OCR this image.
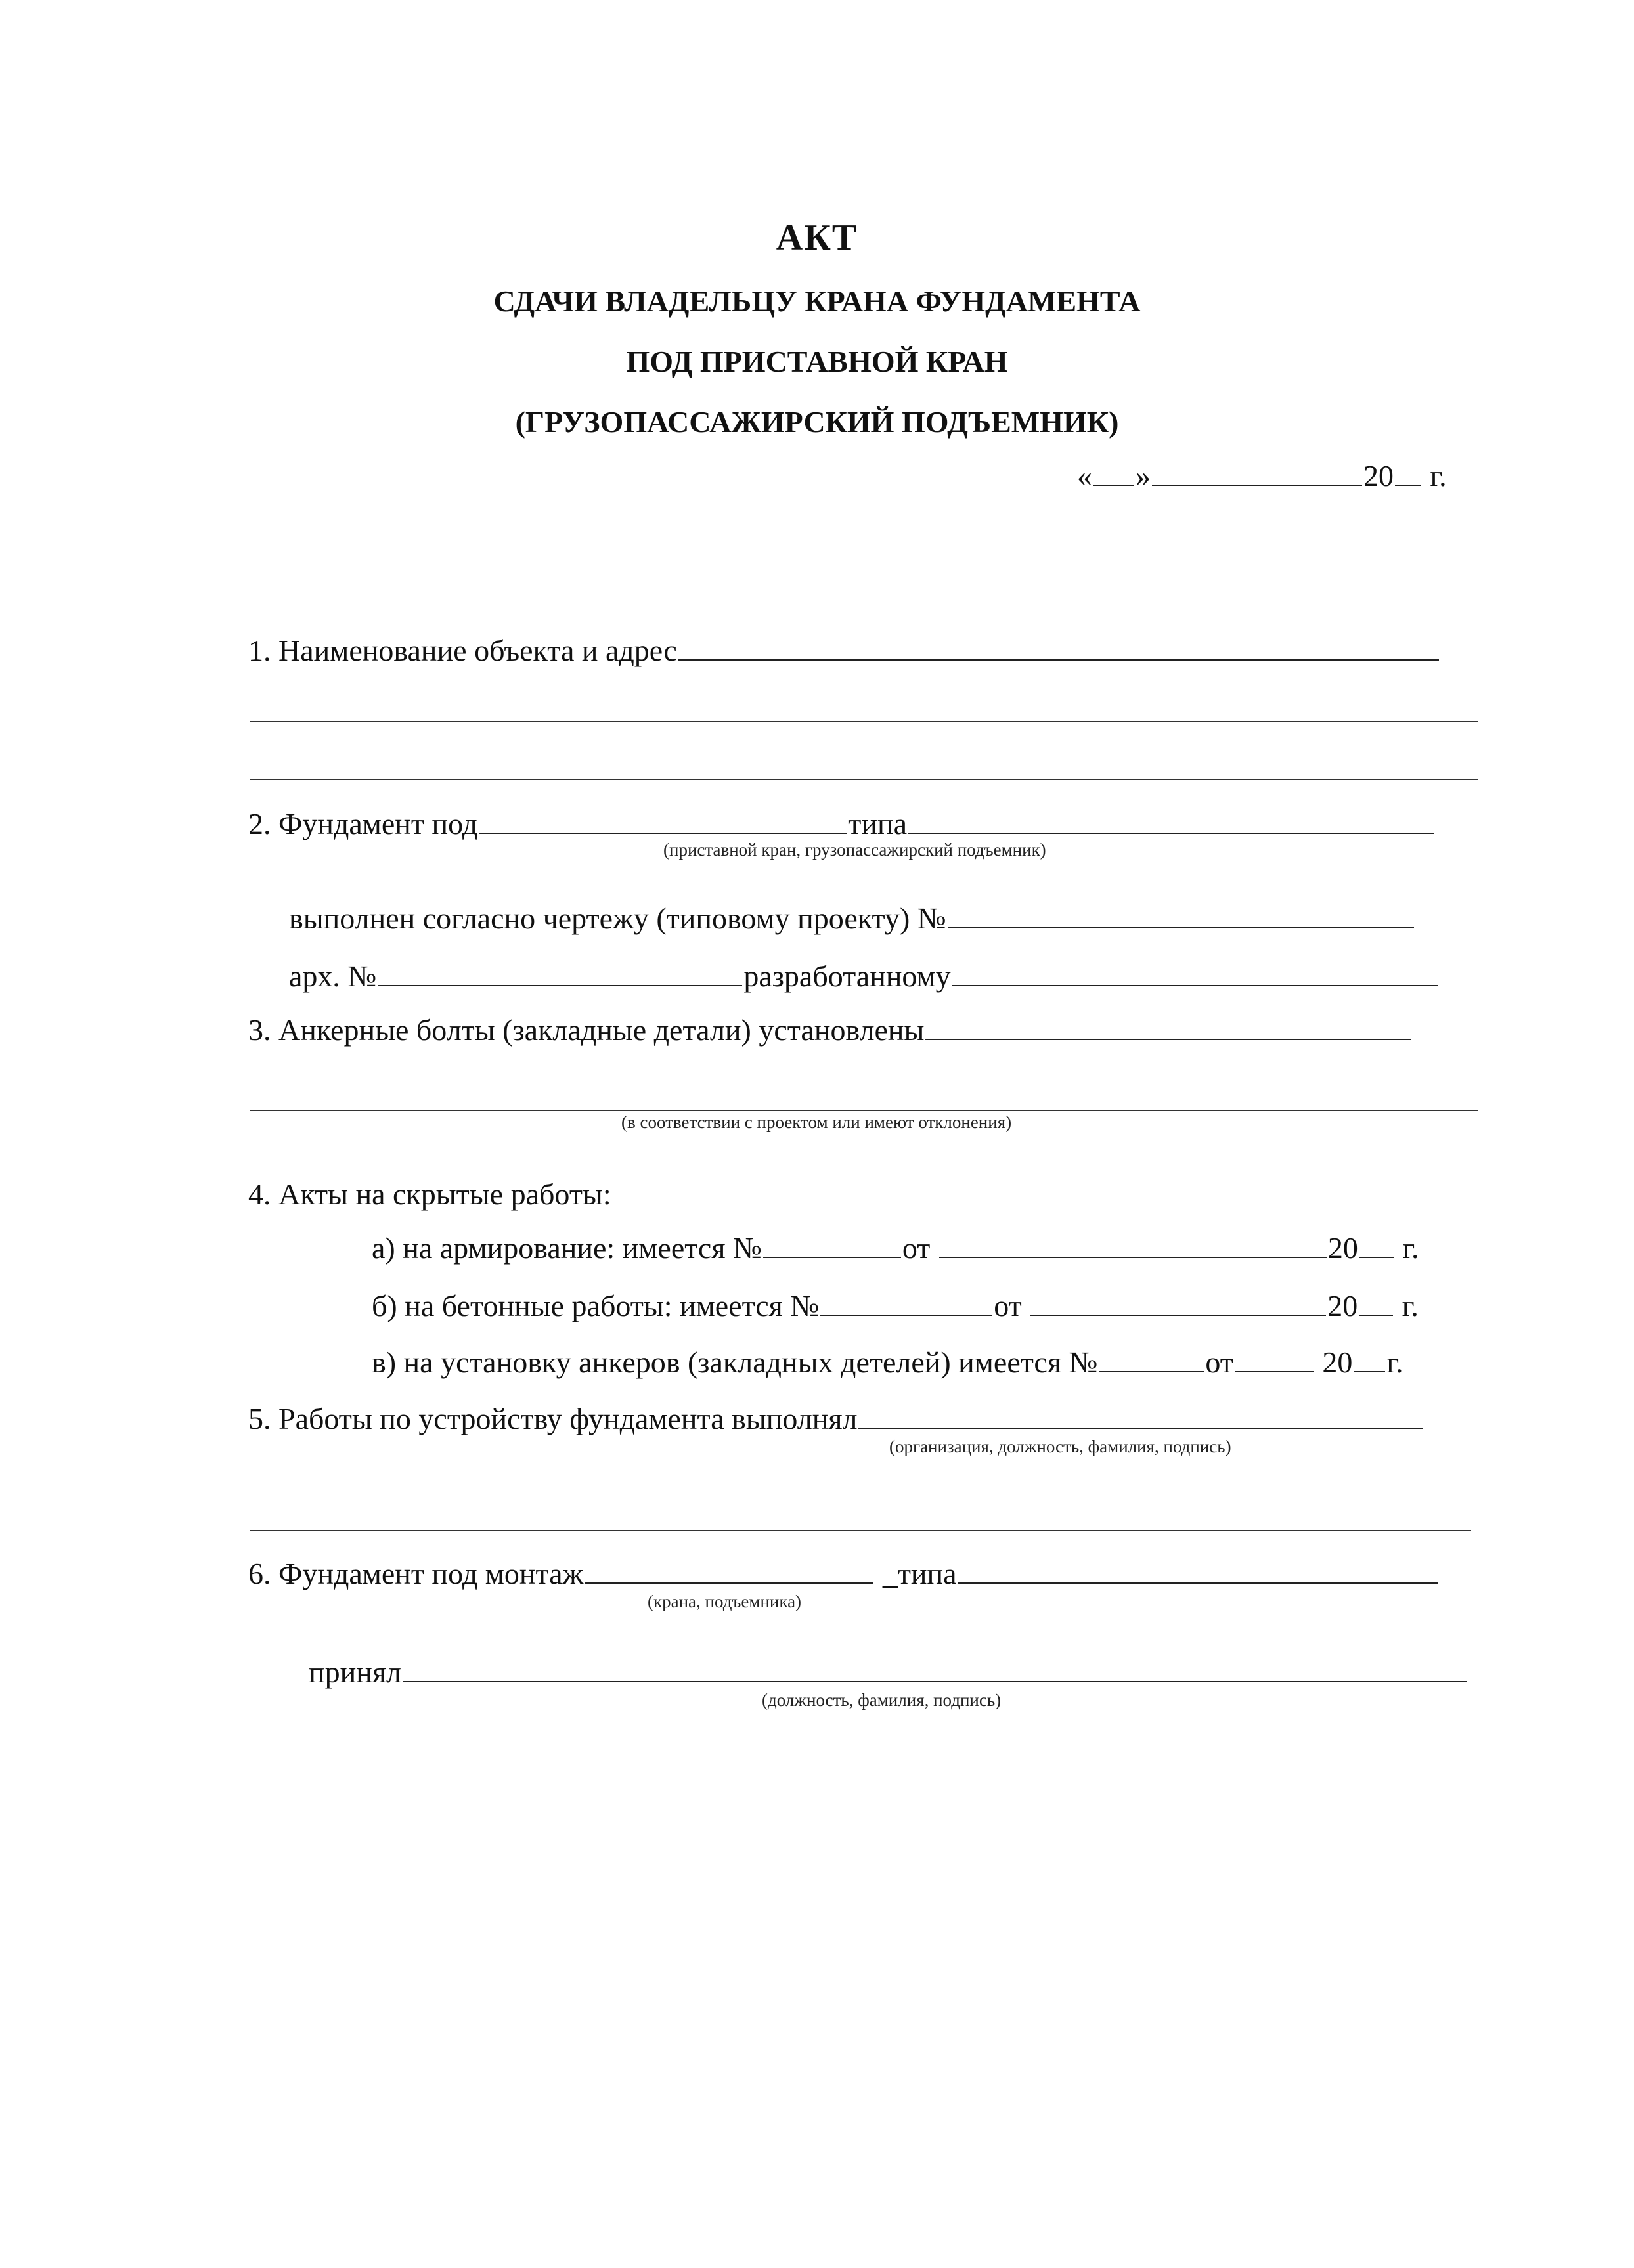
АКТ
СДАЧИ ВЛАДЕЛЬЦУ КРАНА ФУНДАМЕНТА
ПОД ПРИСТАВНОЙ КРАН
(ГРУЗОПАССАЖИРСКИЙ ПОДЪЕМНИК)
« »	20 г.
1. Наименование объекта и адрес
2. Фундамент под	типа
(приставной кран, грузопассажирский подъемник)
выполнен согласно чертежу (типовому проекту) №
арх. №	разработанному
3. Анкерные болты (закладные детали) установлены
(в соответствии с проектом или имеют отклонения)
4. Акты на скрытые работы:
а) на армирование: имеется №	от	20 г.
б) на бетонные работы: имеется №	от	20 г.
в) на установку анкеров (закладных детелей) имеется №	от	20 г.
5. Работы по устройству фундамента выполнял
(организация, должность, фамилия, подпись)
6. Фундамент под монтаж	_типа
(крана, подъемника)
принял
(должность, фамилия, подпись)
